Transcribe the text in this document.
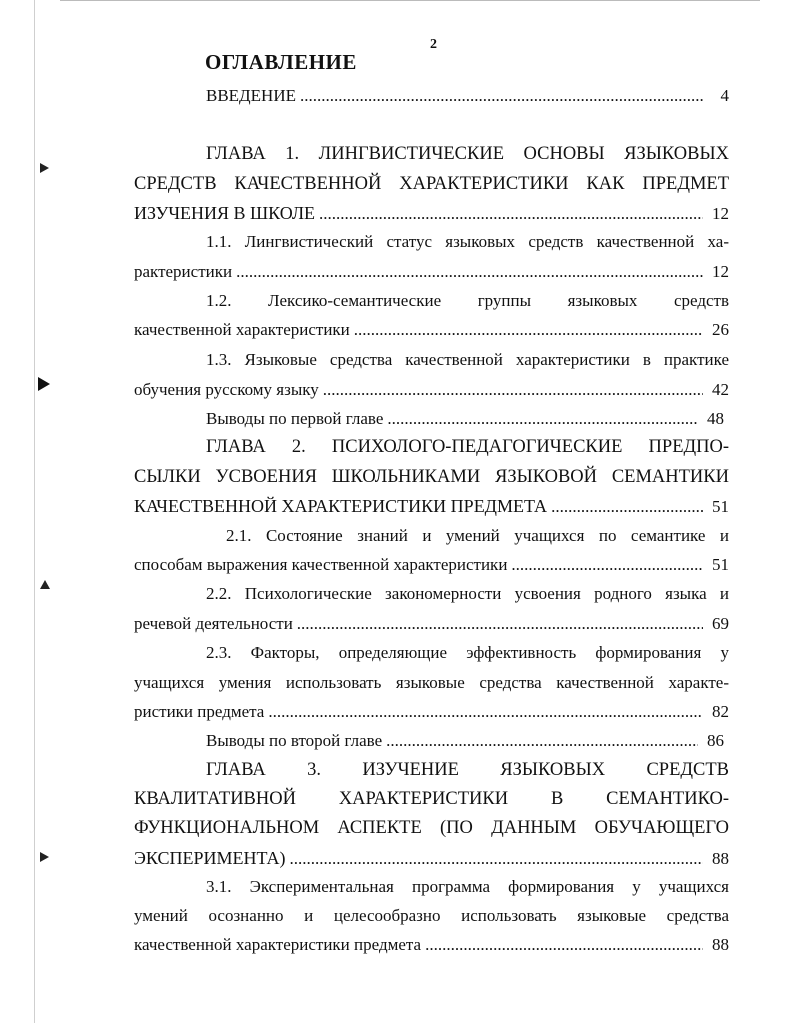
2
ОГЛАВЛЕНИЕ
ВВЕДЕНИЕ .....	4
ГЛАВА 1. ЛИНГВИСТИЧЕСКИЕ ОСНОВЫ ЯЗЫКОВЫХ
СРЕДСТВ КАЧЕСТВЕННОЙ ХАРАКТЕРИСТИКИ КАК ПРЕДМЕТ
ИЗУЧЕНИЯ В ШКОЛЕ .....	12
1.1. Лингвистический статус языковых средств качественной ха-
рактеристики .....	12
1.2. Лексико-семантические группы языковых средств
качественной характеристики .....	26
1.3. Языковые средства качественной характеристики в практике
обучения русскому языку .....	42
Выводы по первой главе .....	48
ГЛАВА 2. ПСИХОЛОГО-ПЕДАГОГИЧЕСКИЕ ПРЕДПО-
СЫЛКИ УСВОЕНИЯ ШКОЛЬНИКАМИ ЯЗЫКОВОЙ СЕМАНТИКИ
КАЧЕСТВЕННОЙ ХАРАКТЕРИСТИКИ ПРЕДМЕТА .....	51
2.1. Состояние знаний и умений учащихся по семантике и
способам выражения качественной характеристики .....	51
2.2. Психологические закономерности усвоения родного языка и
речевой деятельности .....	69
2.3. Факторы, определяющие эффективность формирования у
учащихся умения использовать языковые средства качественной характе-
ристики предмета .....	82
Выводы по второй главе .....	86
ГЛАВА 3. ИЗУЧЕНИЕ ЯЗЫКОВЫХ СРЕДСТВ
КВАЛИТАТИВНОЙ ХАРАКТЕРИСТИКИ В СЕМАНТИКО-
ФУНКЦИОНАЛЬНОМ АСПЕКТЕ (ПО ДАННЫМ ОБУЧАЮЩЕГО
ЭКСПЕРИМЕНТА) .....	88
3.1. Экспериментальная программа формирования у учащихся
умений осознанно и целесообразно использовать языковые средства
качественной характеристики предмета .....	88
